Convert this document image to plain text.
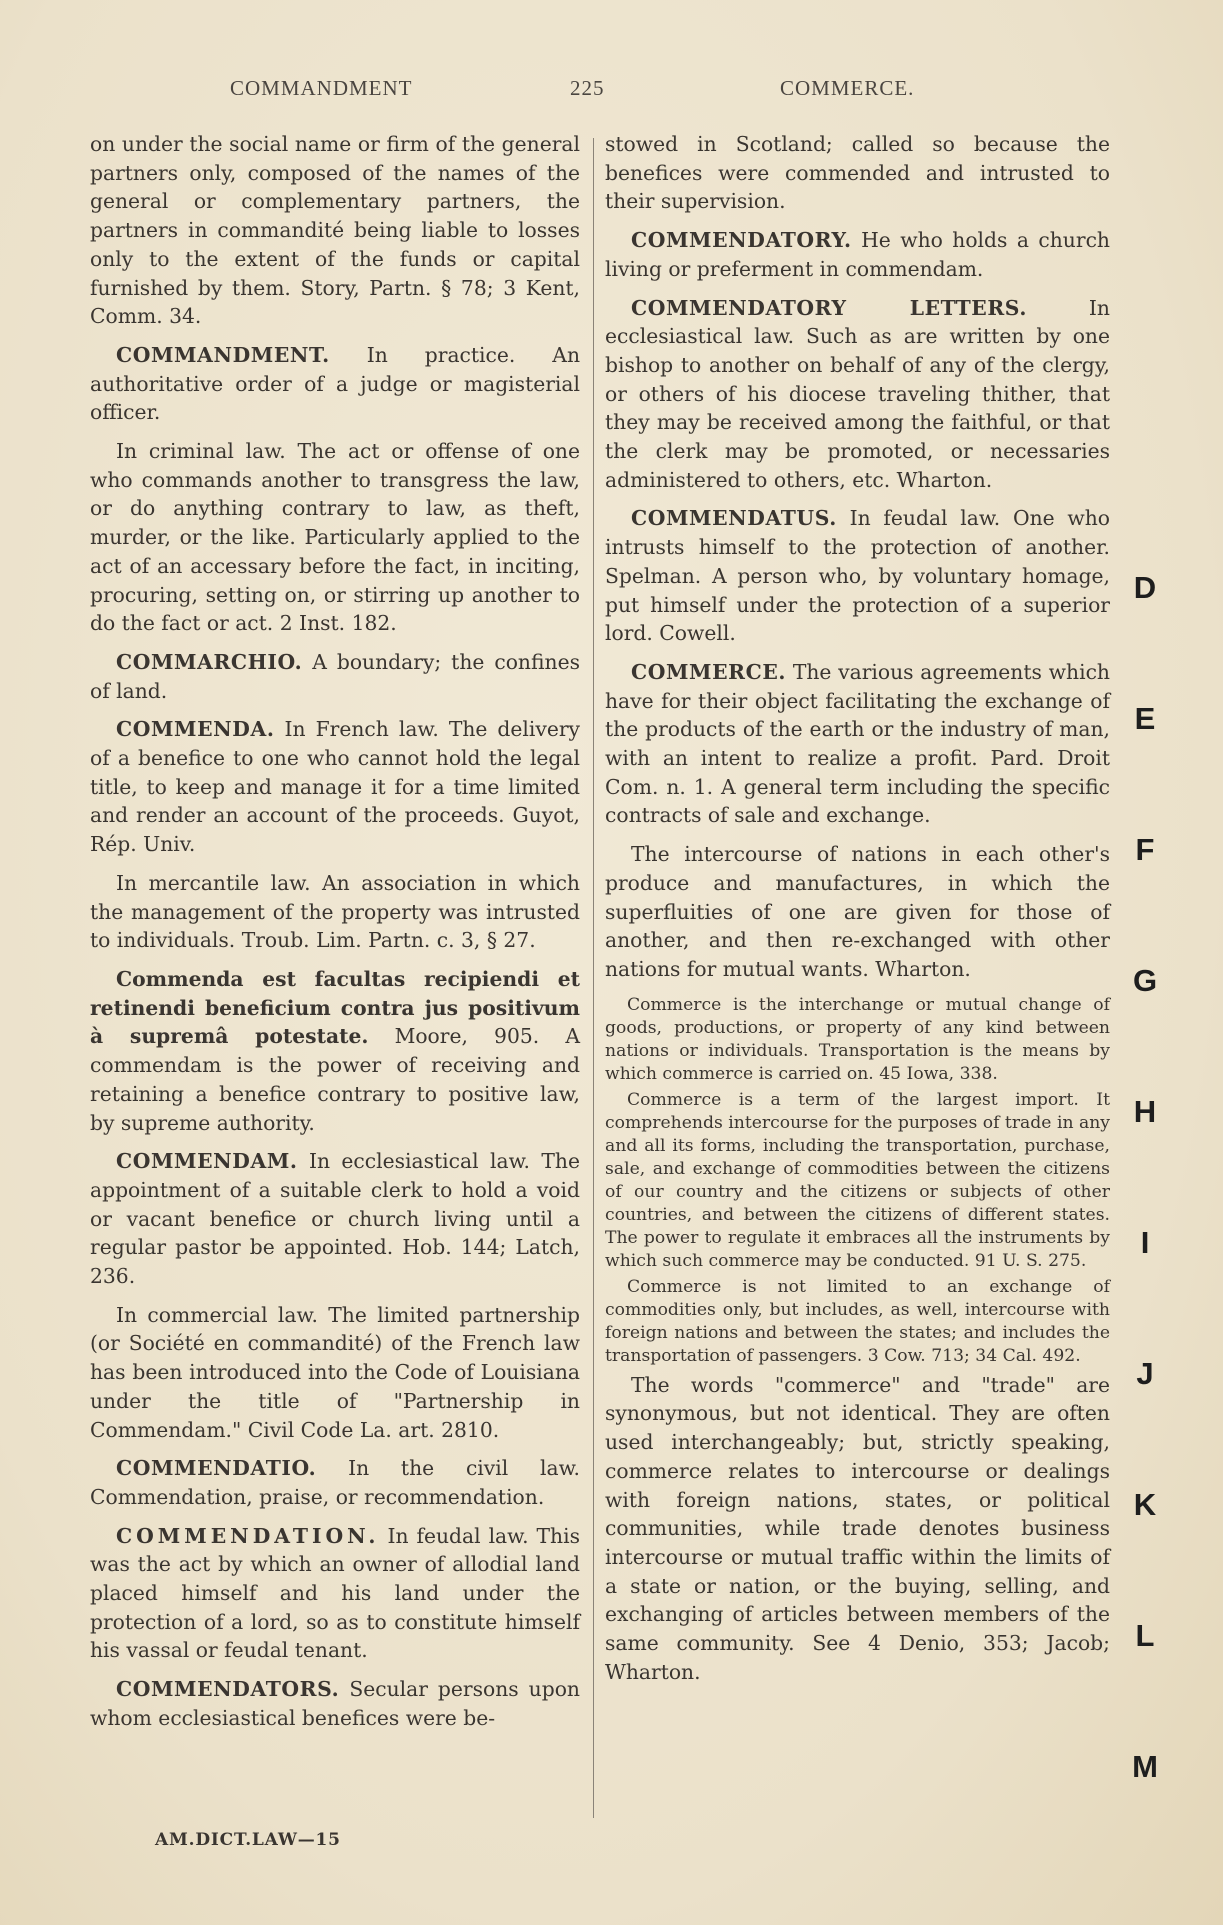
COMMANDMENT	225	COMMERCE.

on under the social name or firm of the general partners only, composed of the names of the general or complementary partners, the partners in commandité being liable to losses only to the extent of the funds or capital furnished by them. Story, Partn. § 78; 3 Kent, Comm. 34.

COMMANDMENT. In practice. An authoritative order of a judge or magisterial officer.

In criminal law. The act or offense of one who commands another to transgress the law, or do anything contrary to law, as theft, murder, or the like. Particularly applied to the act of an accessary before the fact, in inciting, procuring, setting on, or stirring up another to do the fact or act. 2 Inst. 182.

COMMARCHIO. A boundary; the confines of land.

COMMENDA. In French law. The delivery of a benefice to one who cannot hold the legal title, to keep and manage it for a time limited and render an account of the proceeds. Guyot, Rép. Univ.

In mercantile law. An association in which the management of the property was intrusted to individuals. Troub. Lim. Partn. c. 3, § 27.

Commenda est facultas recipiendi et retinendi beneficium contra jus positivum à supremâ potestate. Moore, 905. A commendam is the power of receiving and retaining a benefice contrary to positive law, by supreme authority.

COMMENDAM. In ecclesiastical law. The appointment of a suitable clerk to hold a void or vacant benefice or church living until a regular pastor be appointed. Hob. 144; Latch, 236.

In commercial law. The limited partnership (or Société en commandité) of the French law has been introduced into the Code of Louisiana under the title of "Partnership in Commendam." Civil Code La. art. 2810.

COMMENDATIO. In the civil law. Commendation, praise, or recommendation.

COMMENDATION. In feudal law. This was the act by which an owner of allodial land placed himself and his land under the protection of a lord, so as to constitute himself his vassal or feudal tenant.

COMMENDATORS. Secular persons upon whom ecclesiastical benefices were be-

stowed in Scotland; called so because the benefices were commended and intrusted to their supervision.

COMMENDATORY. He who holds a church living or preferment in commendam.

COMMENDATORY LETTERS.	In ecclesiastical law. Such as are written by one bishop to another on behalf of any of the clergy, or others of his diocese traveling thither, that they may be received among the faithful, or that the clerk may be promoted, or necessaries administered to others, etc. Wharton.

COMMENDATUS. In feudal law. One who intrusts himself to the protection of another. Spelman. A person who, by voluntary homage, put himself under the protection of a superior lord. Cowell.

COMMERCE. The various agreements which have for their object facilitating the exchange of the products of the earth or the industry of man, with an intent to realize a profit. Pard. Droit Com. n. 1. A general term including the specific contracts of sale and exchange.

The intercourse of nations in each other's produce and manufactures, in which the superfluities of one are given for those of another, and then re-exchanged with other nations for mutual wants. Wharton.

Commerce is the interchange or mutual change of goods, productions, or property of any kind between nations or individuals. Transportation is the means by which commerce is carried on. 45 Iowa, 338.

Commerce is a term of the largest import. It comprehends intercourse for the purposes of trade in any and all its forms, including the transportation, purchase, sale, and exchange of commodities between the citizens of our country and the citizens or subjects of other countries, and between the citizens of different states. The power to regulate it embraces all the instruments by which such commerce may be conducted. 91 U. S. 275.

Commerce is not limited to an exchange of commodities only, but includes, as well, intercourse with foreign nations and between the states; and includes the transportation of passengers. 3 Cow. 713; 34 Cal. 492.

The words "commerce" and "trade" are synonymous, but not identical. They are often used interchangeably; but, strictly speaking, commerce relates to intercourse or dealings with foreign nations, states, or political communities, while trade denotes business intercourse or mutual traffic within the limits of a state or nation, or the buying, selling, and exchanging of articles between members of the same community. See 4 Denio, 353; Jacob; Wharton.

AM.DICT.LAW—15
D
E
F
G
H
I
J
K
L
M
